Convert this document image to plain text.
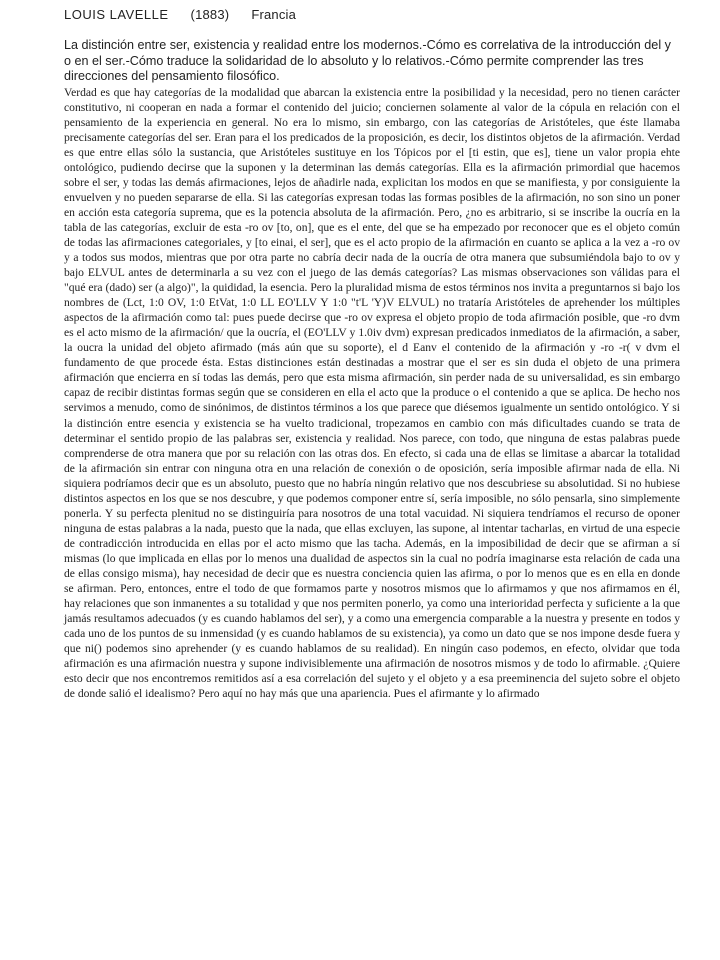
LOUIS LAVELLE (1883) Francia
La distinción entre ser, existencia y realidad entre los modernos.-Cómo es correlativa de la introducción del y o en el ser.-Cómo traduce la solidaridad de lo absoluto y lo relativos.-Cómo permite comprender las tres direcciones del pensamiento filosófico.
Verdad es que hay categorías de la modalidad que abarcan la existencia entre la posibilidad y la necesidad, pero no tienen carácter constitutivo, ni cooperan en nada a formar el contenido del juicio; conciernen solamente al valor de la cópula en relación con el pensamiento de la experiencia en general. No era lo mismo, sin embargo, con las categorías de Aristóteles, que éste llamaba precisamente categorías del ser. Eran para el los predicados de la proposición, es decir, los distintos objetos de la afirmación. Verdad es que entre ellas sólo la sustancia, que Aristóteles sustituye en los Tópicos por el [ti estin, que es], tiene un valor propia ehte ontológico, pudiendo decirse que la suponen y la determinan las demás categorías. Ella es la afirmación primordial que hacemos sobre el ser, y todas las demás afirmaciones, lejos de añadirle nada, explicitan los modos en que se manifiesta, y por consiguiente la envuelven y no pueden separarse de ella. Si las categorías expresan todas las formas posibles de la afirmación, no son sino un poner en acción esta categoría suprema, que es la potencia absoluta de la afirmación. Pero, ¿no es arbitrario, si se inscribe la oucría en la tabla de las categorías, excluir de esta -ro ov [to, on], que es el ente, del que se ha empezado por reconocer que es el objeto común de todas las afirmaciones categoriales, y [to einai, el ser], que es el acto propio de la afirmación en cuanto se aplica a la vez a -ro ov y a todos sus modos, mientras que por otra parte no cabría decir nada de la oucría de otra manera que subsumiéndola bajo to ov y bajo ELVUL antes de determinarla a su vez con el juego de las demás categorías? Las mismas observaciones son válidas para el "qué era (dado) ser (a algo)", la quididad, la esencia. Pero la pluralidad misma de estos términos nos invita a preguntarnos si bajo los nombres de (Lct, 1:0 OV, 1:0 EtVat, 1:0 LL EO'LLV Y 1:0 "t'L 'Y)V ELVUL) no trataría Aristóteles de aprehender los múltiples aspectos de la afirmación como tal: pues puede decirse que -ro ov expresa el objeto propio de toda afirmación posible, que -ro dvm es el acto mismo de la afirmación/ que la oucría, el (EO'LLV y 1.0iv dvm) expresan predicados inmediatos de la afirmación, a saber, la oucra la unidad del objeto afirmado (más aún que su soporte), el d Eanv el contenido de la afirmación y -ro -r( v dvm el fundamento de que procede ésta. Estas distinciones están destinadas a mostrar que el ser es sin duda el objeto de una primera afirmación que encierra en sí todas las demás, pero que esta misma afirmación, sin perder nada de su universalidad, es sin embargo capaz de recibir distintas formas según que se consideren en ella el acto que la produce o el contenido a que se aplica. De hecho nos servimos a menudo, como de sinónimos, de distintos términos a los que parece que diésemos igualmente un sentido ontológico. Y si la distinción entre esencia y existencia se ha vuelto tradicional, tropezamos en cambio con más dificultades cuando se trata de determinar el sentido propio de las palabras ser, existencia y realidad. Nos parece, con todo, que ninguna de estas palabras puede comprenderse de otra manera que por su relación con las otras dos. En efecto, si cada una de ellas se limitase a abarcar la totalidad de la afirmación sin entrar con ninguna otra en una relación de conexión o de oposición, sería imposible afirmar nada de ella. Ni siquiera podríamos decir que es un absoluto, puesto que no habría ningún relativo que nos descubriese su absolutidad. Si no hubiese distintos aspectos en los que se nos descubre, y que podemos componer entre sí, sería imposible, no sólo pensarla, sino simplemente ponerla. Y su perfecta plenitud no se distinguiría para nosotros de una total vacuidad. Ni siquiera tendríamos el recurso de oponer ninguna de estas palabras a la nada, puesto que la nada, que ellas excluyen, las supone, al intentar tacharlas, en virtud de una especie de contradicción introducida en ellas por el acto mismo que las tacha. Además, en la imposibilidad de decir que se afirman a sí mismas (lo que implicada en ellas por lo menos una dualidad de aspectos sin la cual no podría imaginarse esta relación de cada una de ellas consigo misma), hay necesidad de decir que es nuestra conciencia quien las afirma, o por lo menos que es en ella en donde se afirman. Pero, entonces, entre el todo de que formamos parte y nosotros mismos que lo afirmamos y que nos afirmamos en él, hay relaciones que son inmanentes a su totalidad y que nos permiten ponerlo, ya como una interioridad perfecta y suficiente a la que jamás resultamos adecuados (y es cuando hablamos del ser), y a como una emergencia comparable a la nuestra y presente en todos y cada uno de los puntos de su inmensidad (y es cuando hablamos de su existencia), ya como un dato que se nos impone desde fuera y que ni() podemos sino aprehender (y es cuando hablamos de su realidad). En ningún caso podemos, en efecto, olvidar que toda afirmación es una afirmación nuestra y supone indivisiblemente una afirmación de nosotros mismos y de todo lo afirmable. ¿Quiere esto decir que nos encontremos remitidos así a esa correlación del sujeto y el objeto y a esa preeminencia del sujeto sobre el objeto de donde salió el idealismo? Pero aquí no hay más que una apariencia. Pues el afirmante y lo afirmado
